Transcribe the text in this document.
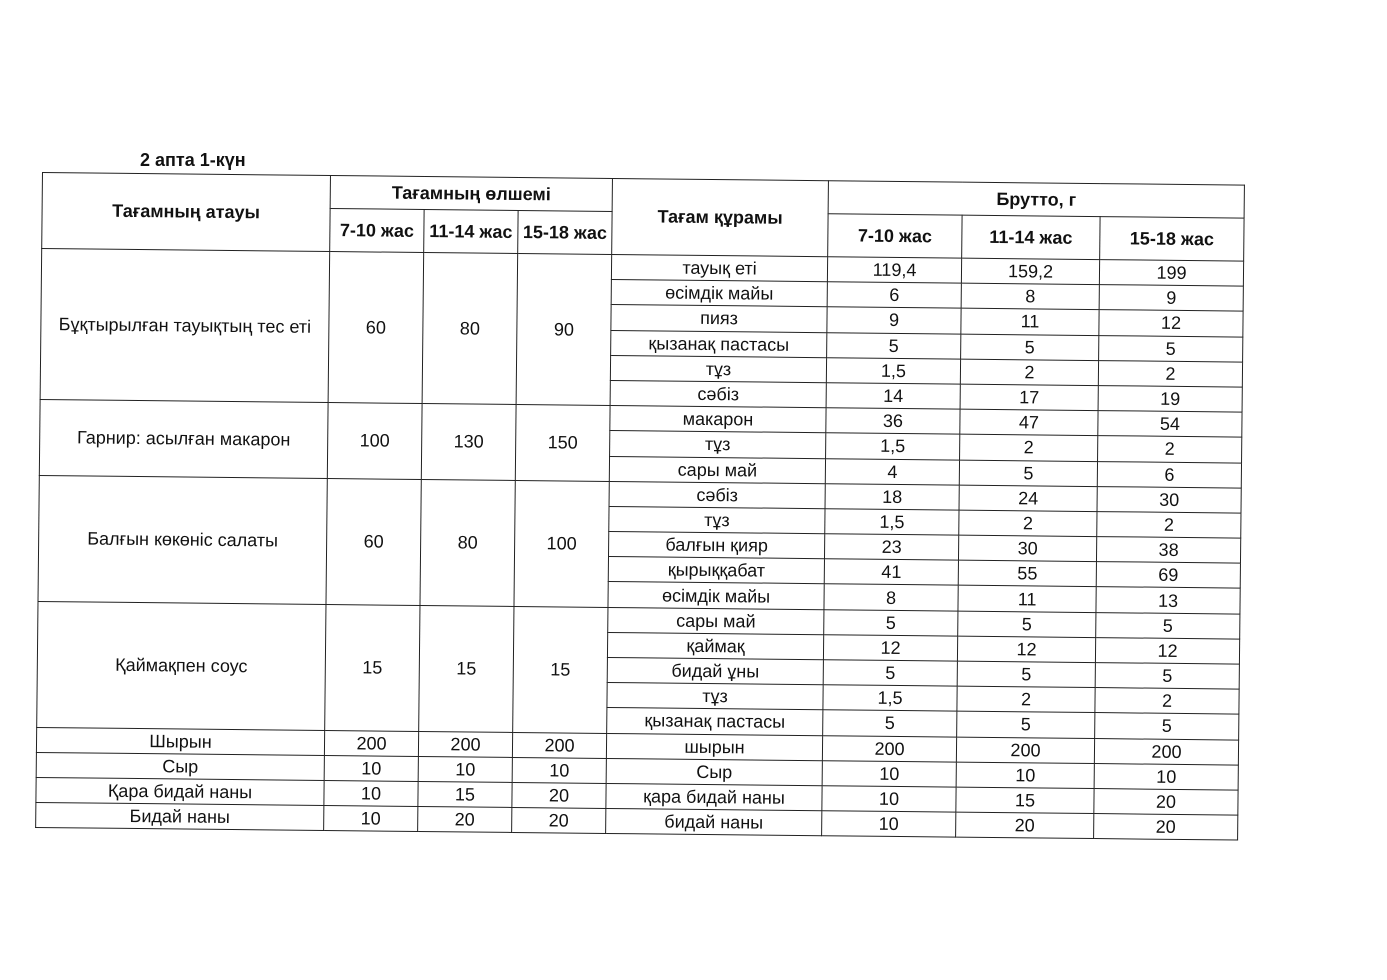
2 апта 1-күн
Тағамның атауы	Тағамның өлшемі			Тағам құрамы	Брутто, г		
	7-10 жас	11-14 жас	15-18 жас		7-10 жас	11-14 жас	15-18 жас
Бұқтырылған тауықтың тес еті	60	80	90	тауық еті	119,4	159,2	199
				өсімдік майы	6	8	9
				пияз	9	11	12
				қызанақ пастасы	5	5	5
				тұз	1,5	2	2
				сәбіз	14	17	19
Гарнир: асылған макарон	100	130	150	макарон	36	47	54
				тұз	1,5	2	2
				сары май	4	5	6
Балғын көкөніс салаты	60	80	100	сәбіз	18	24	30
				тұз	1,5	2	2
				балғын қияр	23	30	38
				қырыққабат	41	55	69
				өсімдік майы	8	11	13
Қаймақпен соус	15	15	15	сары май	5	5	5
				қаймақ	12	12	12
				бидай ұны	5	5	5
				тұз	1,5	2	2
				қызанақ пастасы	5	5	5
Шырын	200	200	200	шырын	200	200	200
Сыр	10	10	10	Сыр	10	10	10
Қара бидай наны	10	15	20	қара бидай наны	10	15	20
Бидай наны	10	20	20	бидай наны	10	20	20
